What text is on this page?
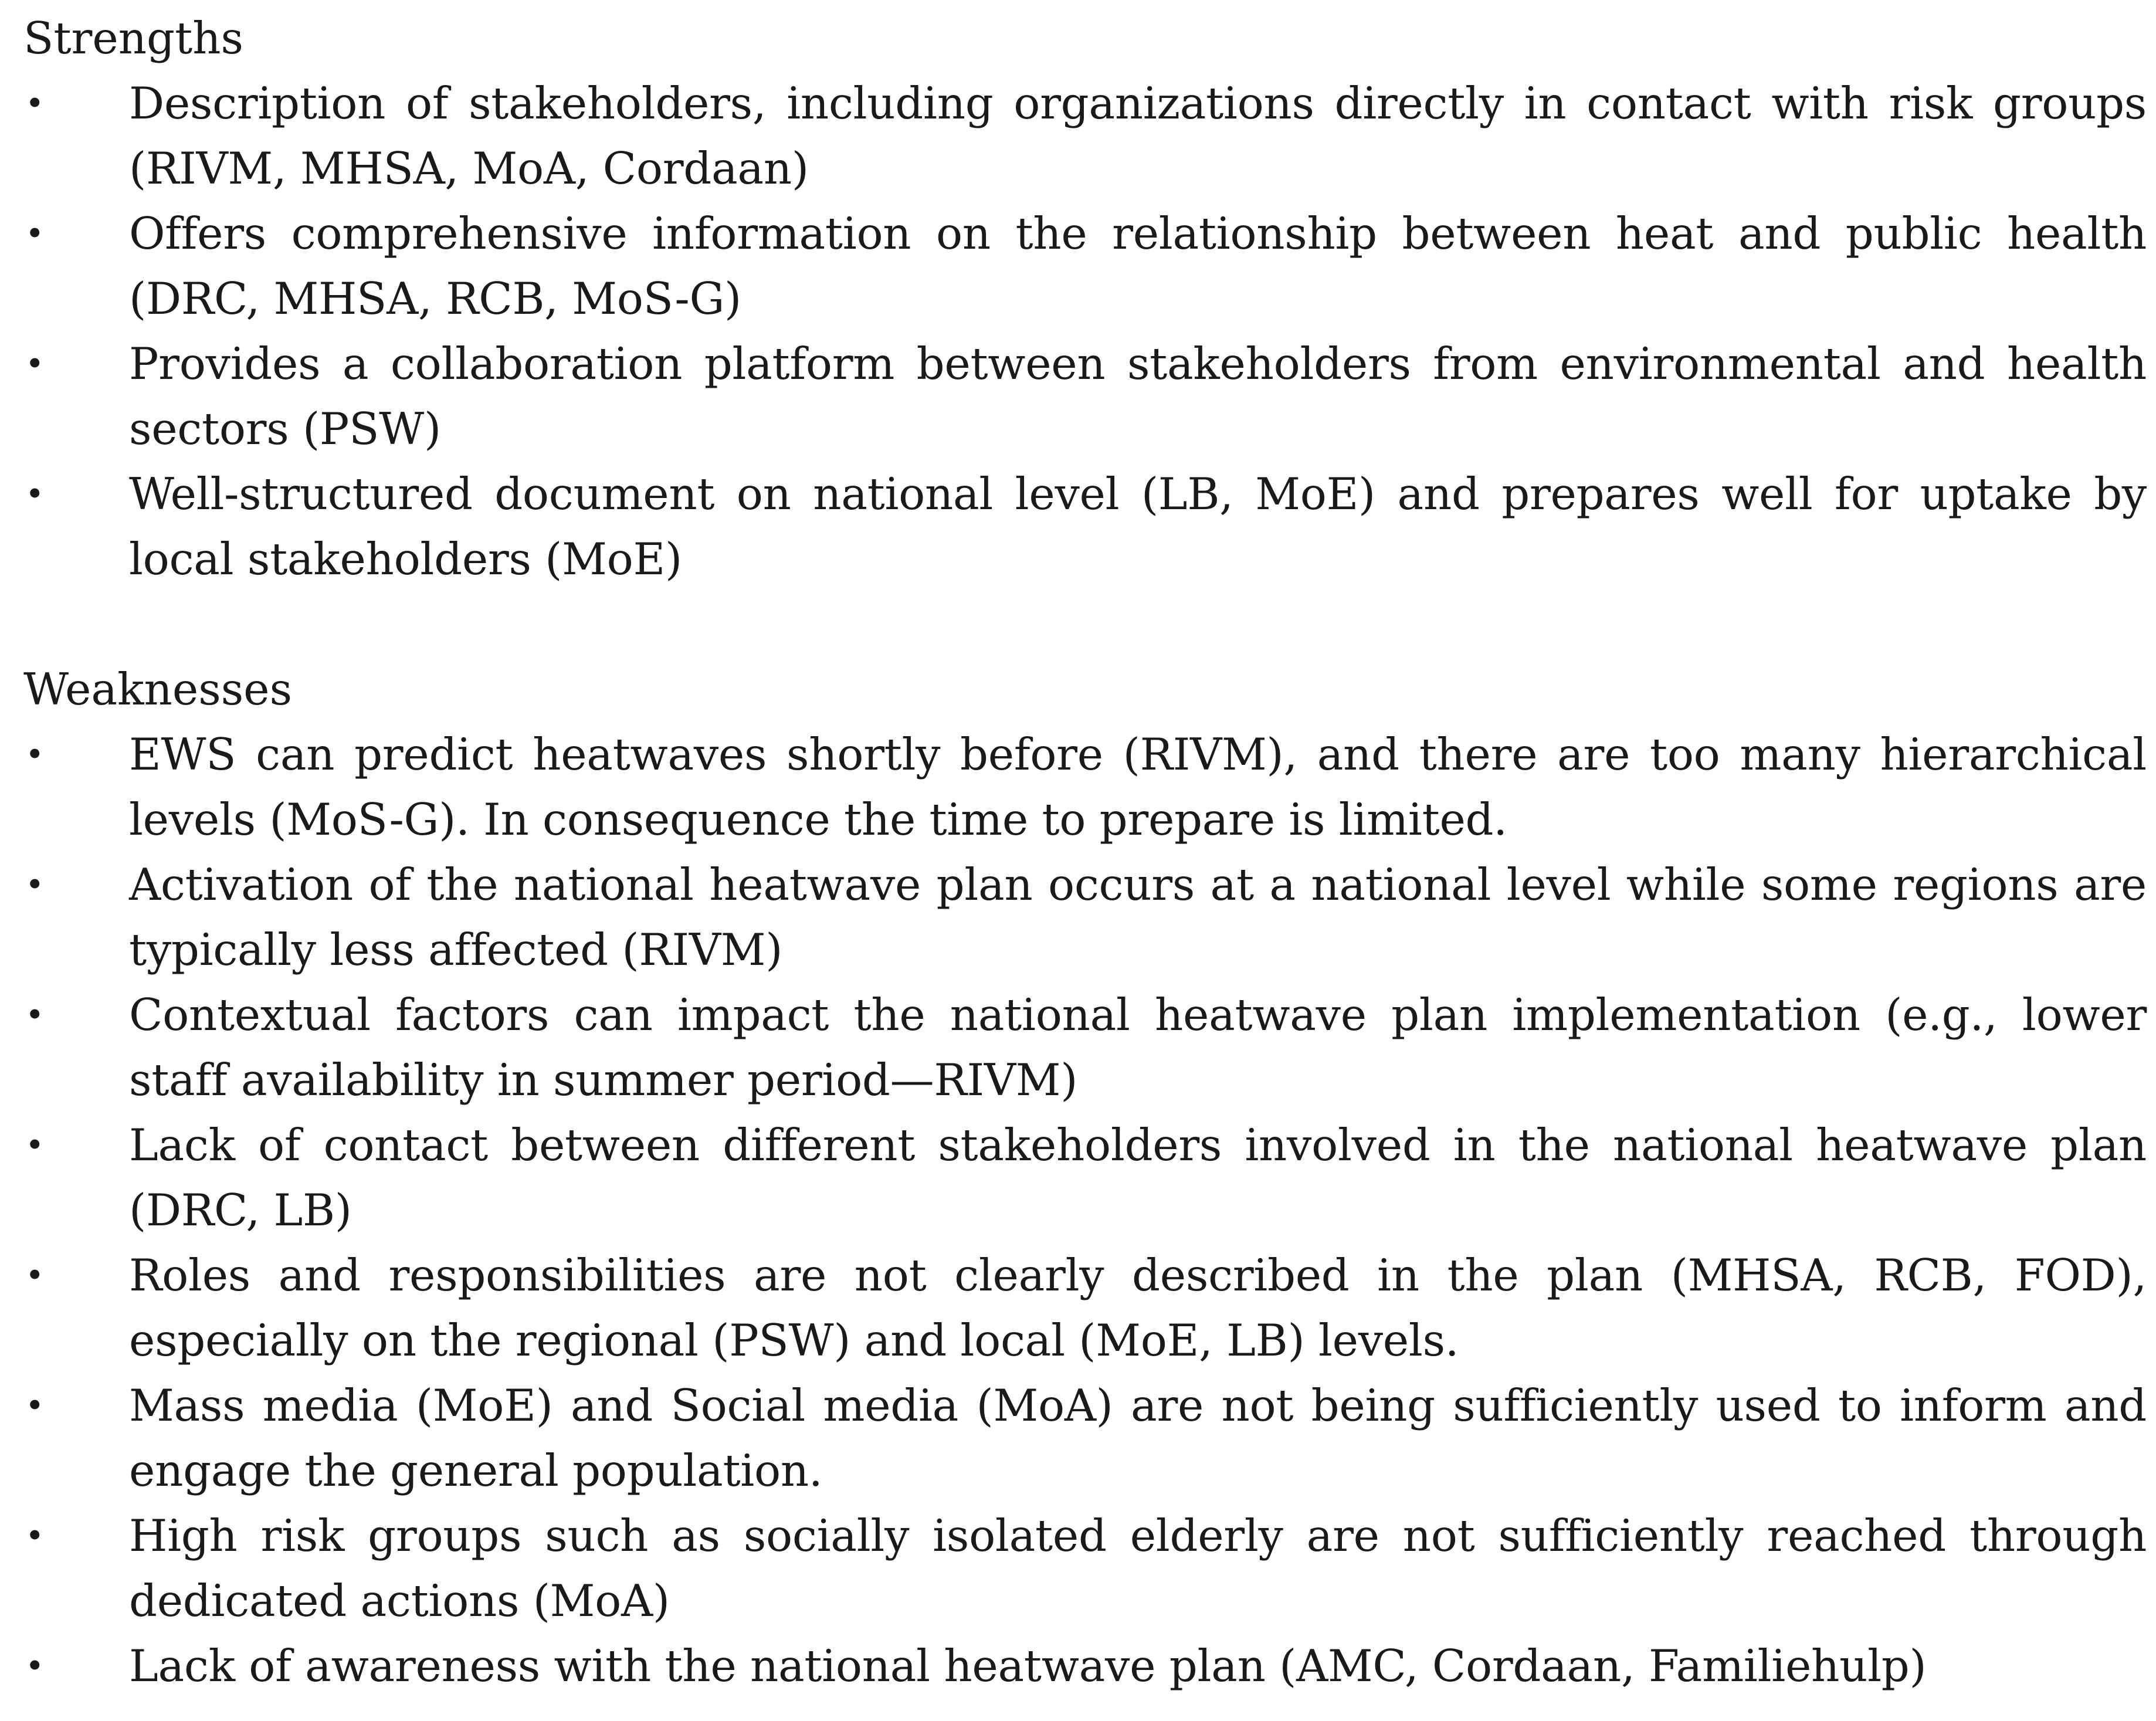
Strengths
•	Description of stakeholders, including organizations directly in contact with risk groups (RIVM, MHSA, MoA, Cordaan)
•	Offers comprehensive information on the relationship between heat and public health (DRC, MHSA, RCB, MoS-G)
•	Provides a collaboration platform between stakeholders from environmental and health sectors (PSW)
•	Well-structured document on national level (LB, MoE) and prepares well for uptake by local stakeholders (MoE)
Weaknesses
•	EWS can predict heatwaves shortly before (RIVM), and there are too many hierarchical levels (MoS-G). In consequence the time to prepare is limited.
•	Activation of the national heatwave plan occurs at a national level while some regions are typically less affected (RIVM)
•	Contextual factors can impact the national heatwave plan implementation (e.g., lower staff availability in summer period—RIVM)
•	Lack of contact between different stakeholders involved in the national heatwave plan (DRC, LB)
•	Roles and responsibilities are not clearly described in the plan (MHSA, RCB, FOD), especially on the regional (PSW) and local (MoE, LB) levels.
•	Mass media (MoE) and Social media (MoA) are not being sufficiently used to inform and engage the general population.
•	High risk groups such as socially isolated elderly are not sufficiently reached through dedicated actions (MoA)
•	Lack of awareness with the national heatwave plan (AMC, Cordaan, Familiehulp)
